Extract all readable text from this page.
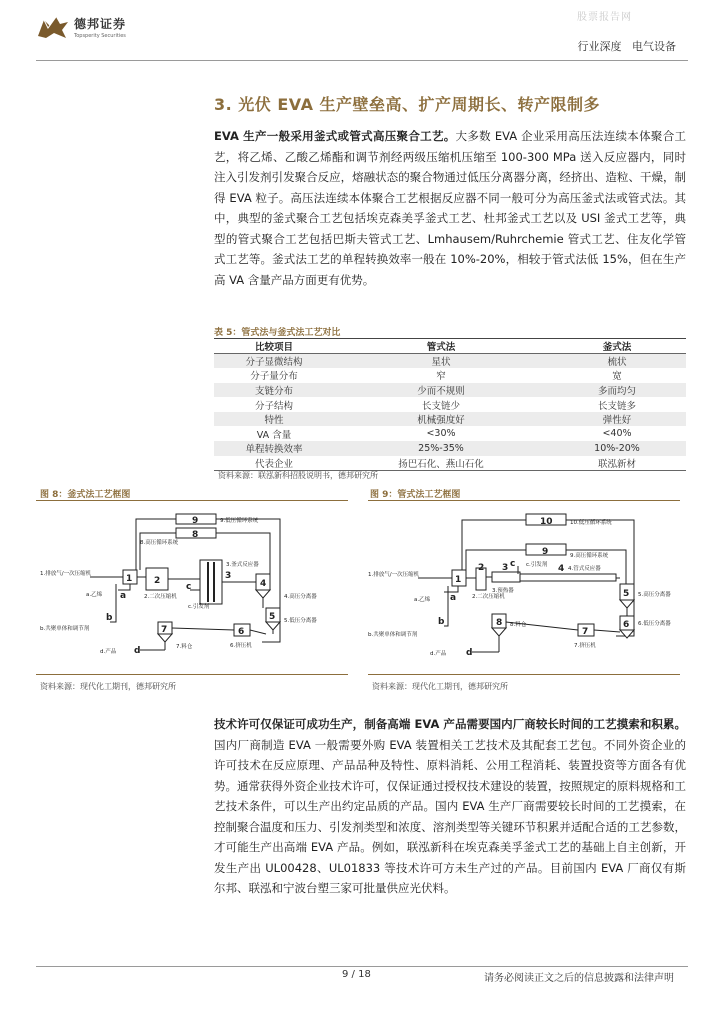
股票报告网
德邦证券
Topsperity Securities
行业深度 电气设备
3. 光伏 EVA 生产壁垒高、扩产周期长、转产限制多
EVA 生产一般采用釜式或管式高压聚合工艺。大多数 EVA 企业采用高压法连续本体聚合工艺，将乙烯、乙酸乙烯酯和调节剂经两级压缩机压缩至 100-300 MPa 送入反应器内，同时注入引发剂引发聚合反应，熔融状态的聚合物通过低压分离器分离，经挤出、造粒、干燥，制得 EVA 粒子。高压法连续本体聚合工艺根据反应器不同一般可分为高压釜式法或管式法。其中，典型的釜式聚合工艺包括埃克森美孚釜式工艺、杜邦釜式工艺以及 USI 釜式工艺等，典型的管式聚合工艺包括巴斯夫管式工艺、Lmhausem/Ruhrchemie 管式工艺、住友化学管式工艺等。釜式法工艺的单程转换效率一般在 10%-20%，相较于管式法低 15%，但在生产高 VA 含量产品方面更有优势。
表 5：管式法与釜式法工艺对比
比较项目	管式法	釜式法
分子显微结构	星状	梳状
分子量分布	窄	宽
支链分布	少而不规则	多而均匀
分子结构	长支链少	长支链多
特性	机械强度好	弹性好
VA 含量	<30%	<40%
单程转换效率	25%-35%	10%-20%
代表企业	扬巴石化、燕山石化	联泓新材
资料来源：联泓新科招股说明书，德邦研究所
图 8：釜式法工艺框图
9
8
1 2	3
4
5
6
7
a
b
c
d
9.低压循环系统
8.高压循环系统
1.排放气/一次压缩机
2.二次压缩机
3.釜式反应器
4.高压分离器
5.低压分离器
6.挤压机
7.料仓
a.乙烯
b.共聚单体和调节剂
c.引发剂
d.产品
资料来源：现代化工期刊，德邦研究所
图 9：管式法工艺框图
10
9
1
2 3	4
5
6
7
8
a
b
c
d
10.低压循环系统
9.高压循环系统
1.排放气/一次压缩机
2.二次压缩机
3.预热器
4.管式反应器
5.高压分离器
6.低压分离器
7.挤压机
8.料仓
a.乙烯
b.共聚单体和调节剂
c.引发剂
d.产品
资料来源：现代化工期刊，德邦研究所
技术许可仅保证可成功生产，制备高端 EVA 产品需要国内厂商较长时间的工艺摸索和积累。国内厂商制造 EVA 一般需要外购 EVA 装置相关工艺技术及其配套工艺包。不同外资企业的许可技术在反应原理、产品品种及特性、原料消耗、公用工程消耗、装置投资等方面各有优势。通常获得外资企业技术许可，仅保证通过授权技术建设的装置，按照规定的原料规格和工艺技术条件，可以生产出约定品质的产品。国内 EVA 生产厂商需要较长时间的工艺摸索，在控制聚合温度和压力、引发剂类型和浓度、溶剂类型等关键环节积累并适配合适的工艺参数，才可能生产出高端 EVA 产品。例如，联泓新科在埃克森美孚釜式工艺的基础上自主创新，开发生产出 UL00428、UL01833 等技术许可方未生产过的产品。目前国内 EVA 厂商仅有斯尔邦、联泓和宁波台塑三家可批量供应光伏料。
9 / 18	请务必阅读正文之后的信息披露和法律声明
